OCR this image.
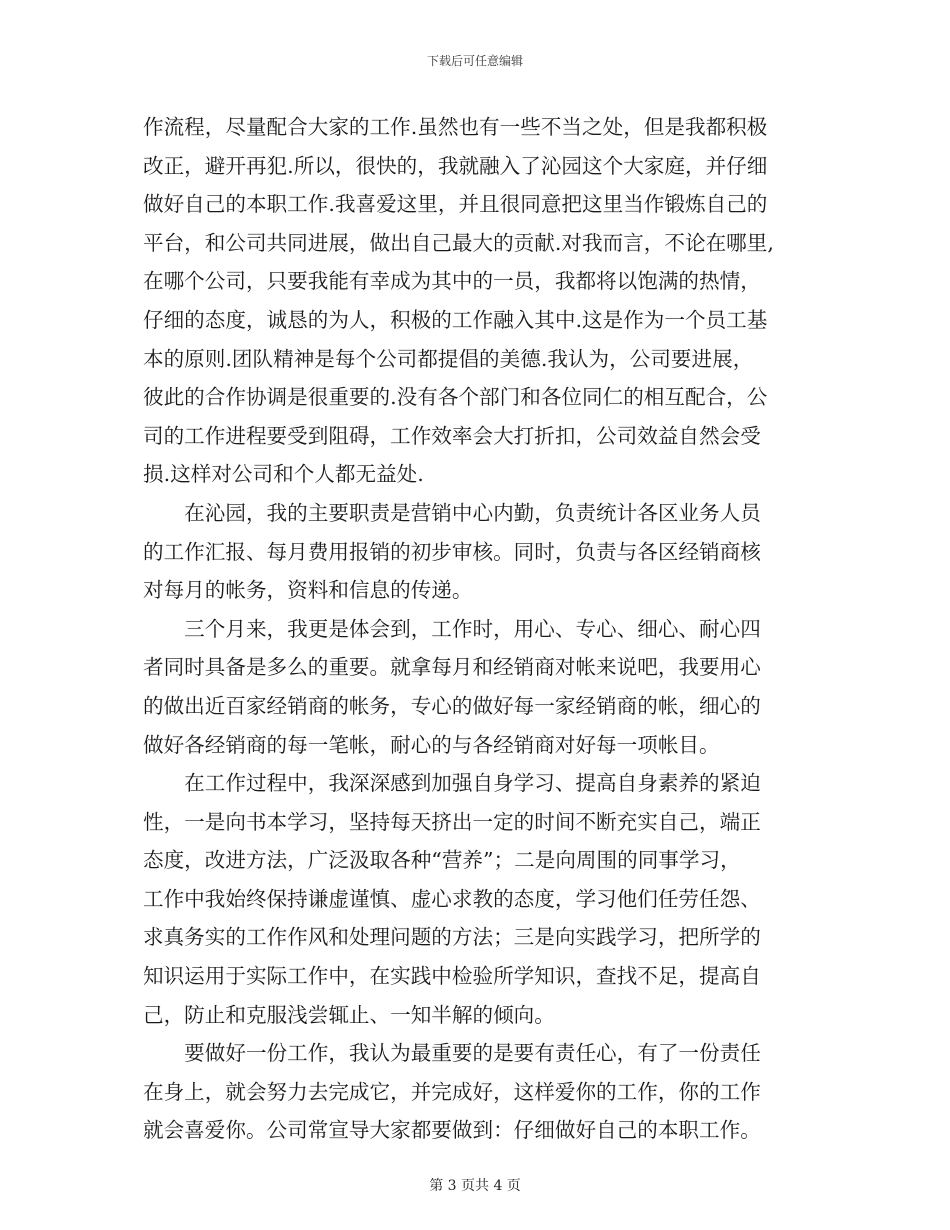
下载后可任意编辑
作流程，尽量配合大家的工作.虽然也有一些不当之处，但是我都积极
改正，避开再犯.所以，很快的，我就融入了沁园这个大家庭，并仔细
做好自己的本职工作.我喜爱这里，并且很同意把这里当作锻炼自己的
平台，和公司共同进展，做出自己最大的贡献.对我而言，不论在哪里,
在哪个公司，只要我能有幸成为其中的一员，我都将以饱满的热情，
仔细的态度，诚恳的为人，积极的工作融入其中.这是作为一个员工基
本的原则.团队精神是每个公司都提倡的美德.我认为，公司要进展，
彼此的合作协调是很重要的.没有各个部门和各位同仁的相互配合，公
司的工作进程要受到阻碍，工作效率会大打折扣，公司效益自然会受
损.这样对公司和个人都无益处.
　　在沁园，我的主要职责是营销中心内勤，负责统计各区业务人员
的工作汇报、每月费用报销的初步审核。同时，负责与各区经销商核
对每月的帐务，资料和信息的传递。
　　三个月来，我更是体会到，工作时，用心、专心、细心、耐心四
者同时具备是多么的重要。就拿每月和经销商对帐来说吧，我要用心
的做出近百家经销商的帐务，专心的做好每一家经销商的帐，细心的
做好各经销商的每一笔帐，耐心的与各经销商对好每一项帐目。
　　在工作过程中，我深深感到加强自身学习、提高自身素养的紧迫
性，一是向书本学习，坚持每天挤出一定的时间不断充实自己，端正
态度，改进方法，广泛汲取各种“营养”；二是向周围的同事学习，
工作中我始终保持谦虚谨慎、虚心求教的态度，学习他们任劳任怨、
求真务实的工作作风和处理问题的方法；三是向实践学习，把所学的
知识运用于实际工作中，在实践中检验所学知识，查找不足，提高自
己，防止和克服浅尝辄止、一知半解的倾向。
　　要做好一份工作，我认为最重要的是要有责任心，有了一份责任
在身上，就会努力去完成它，并完成好，这样爱你的工作，你的工作
就会喜爱你。公司常宣导大家都要做到：仔细做好自己的本职工作。
第 3 页共 4 页
